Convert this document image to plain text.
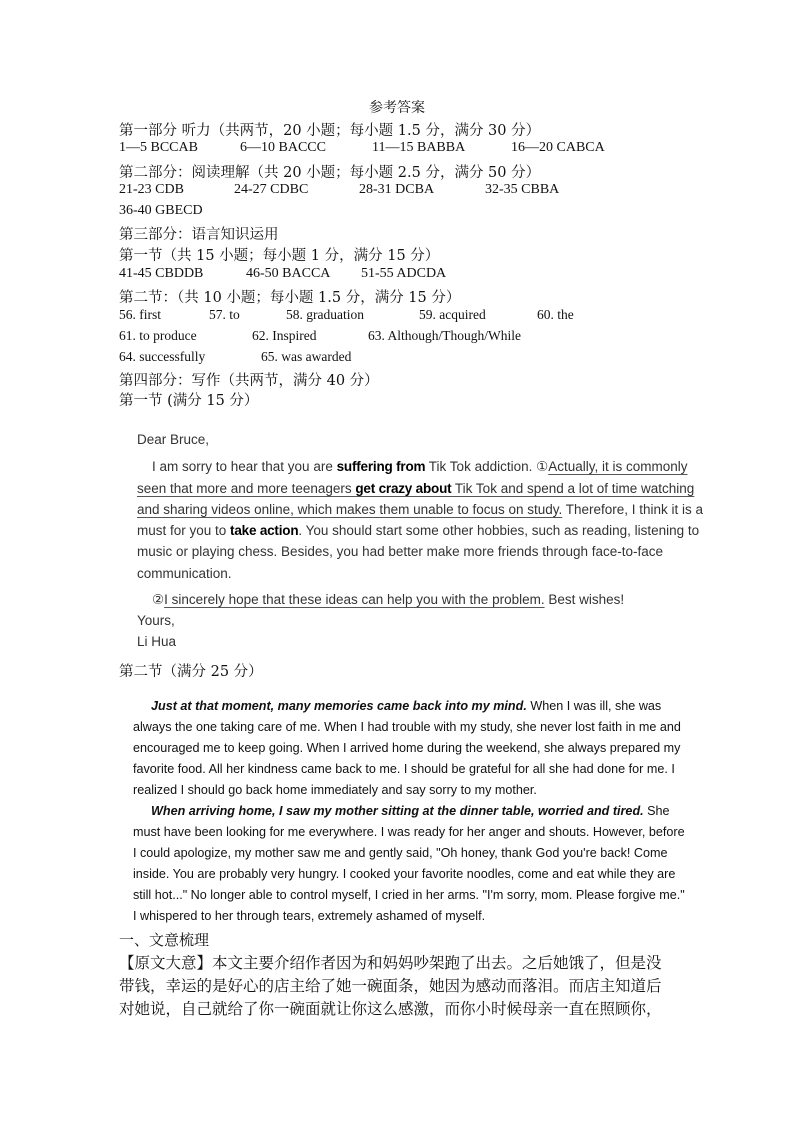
参考答案
第一部分 听力（共两节，20 小题；每小题 1.5 分，满分 30 分）
1—5 BCCAB	6—10 BACCC	11—15 BABBA	16—20 CABCA
第二部分：阅读理解（共 20 小题；每小题 2.5 分，满分 50 分）
21-23 CDB	24-27 CDBC	28-31 DCBA	32-35 CBBA
36-40 GBECD
第三部分：语言知识运用
第一节（共 15 小题；每小题 1 分，满分 15 分）
41-45 CBDDB	46-50 BACCA 51-55 ADCDA
第二节：（共 10 小题；每小题 1.5 分，满分 15 分）
56. first	57. to	58. graduation	59. acquired	60. the
61. to produce	62. Inspired	63. Although/Though/While
64. successfully	65. was awarded
第四部分：写作（共两节，满分 40 分）
第一节 (满分 15 分）
Dear Bruce,
I am sorry to hear that you are suffering from Tik Tok addiction. ①Actually, it is commonly
seen that more and more teenagers get crazy about Tik Tok and spend a lot of time watching
and sharing videos online, which makes them unable to focus on study. Therefore, I think it is a
must for you to take action. You should start some other hobbies, such as reading, listening to
music or playing chess. Besides, you had better make more friends through face-to-face
communication.
②I sincerely hope that these ideas can help you with the problem. Best wishes!
Yours,
Li Hua
第二节（满分 25 分）
Just at that moment, many memories came back into my mind. When I was ill, she was
always the one taking care of me. When I had trouble with my study, she never lost faith in me and
encouraged me to keep going. When I arrived home during the weekend, she always prepared my
favorite food. All her kindness came back to me. I should be grateful for all she had done for me. I
realized I should go back home immediately and say sorry to my mother.
When arriving home, I saw my mother sitting at the dinner table, worried and tired. She
must have been looking for me everywhere. I was ready for her anger and shouts. However, before
I could apologize, my mother saw me and gently said, "Oh honey, thank God you're back! Come
inside. You are probably very hungry. I cooked your favorite noodles, come and eat while they are
still hot..." No longer able to control myself, I cried in her arms. "I'm sorry, mom. Please forgive me."
I whispered to her through tears, extremely ashamed of myself.
一、文意梳理
【原文大意】本文主要介绍作者因为和妈妈吵架跑了出去。之后她饿了，但是没
带钱，幸运的是好心的店主给了她一碗面条，她因为感动而落泪。而店主知道后
对她说，自己就给了你一碗面就让你这么感激，而你小时候母亲一直在照顾你，
